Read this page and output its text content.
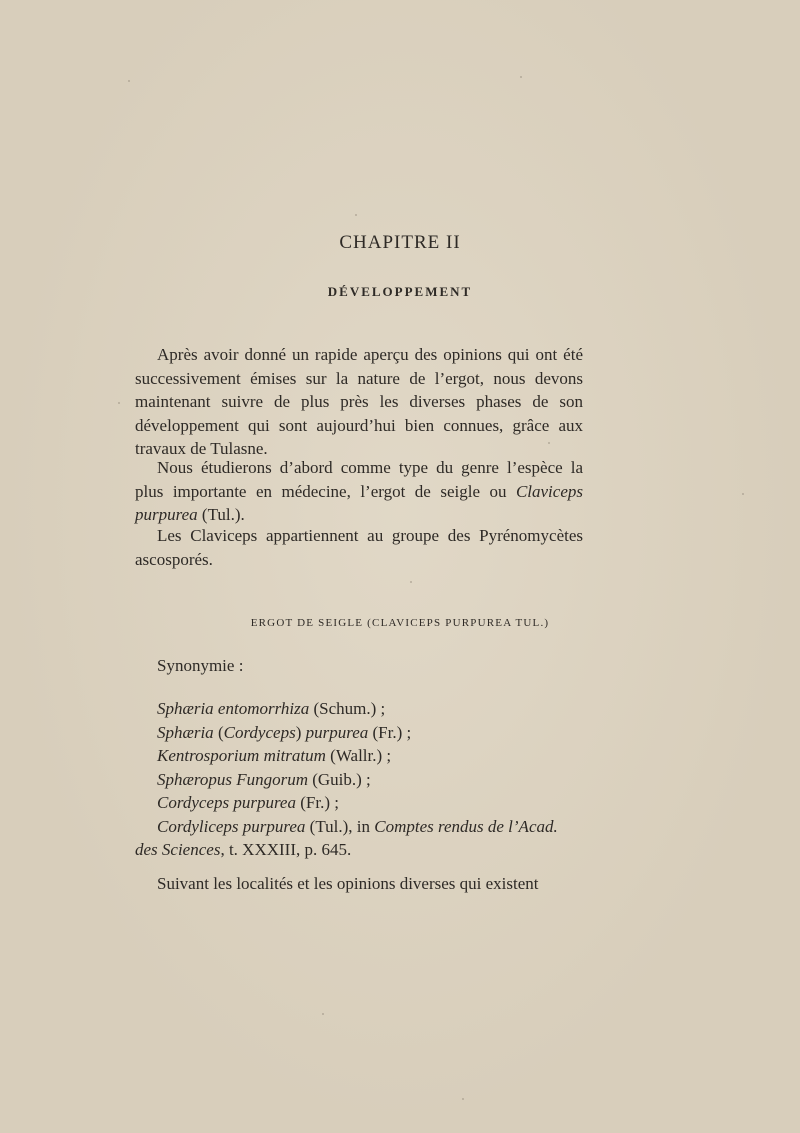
CHAPITRE II
DÉVELOPPEMENT

Après avoir donné un rapide aperçu des opinions qui ont été successivement émises sur la nature de l’ergot, nous devons maintenant suivre de plus près les diverses phases de son développement qui sont aujourd’hui bien connues, grâce aux travaux de Tulasne.

Nous étudierons d’abord comme type du genre l’espèce la plus importante en médecine, l’ergot de seigle ou Claviceps purpurea (Tul.).

Les Claviceps appartiennent au groupe des Pyrénomycètes ascosporés.

ERGOT DE SEIGLE (CLAVICEPS PURPUREA TUL.)
Synonymie :
Sphæria entomorrhiza (Schum.) ;
Sphæria (Cordyceps) purpurea (Fr.) ;
Kentrosporium mitratum (Wallr.) ;
Sphæropus Fungorum (Guib.) ;
Cordyceps purpurea (Fr.) ;
Cordyliceps purpurea (Tul.), in Comptes rendus de l’Acad.
des Sciences, t. XXXIII, p. 645.

Suivant les localités et les opinions diverses qui existent
